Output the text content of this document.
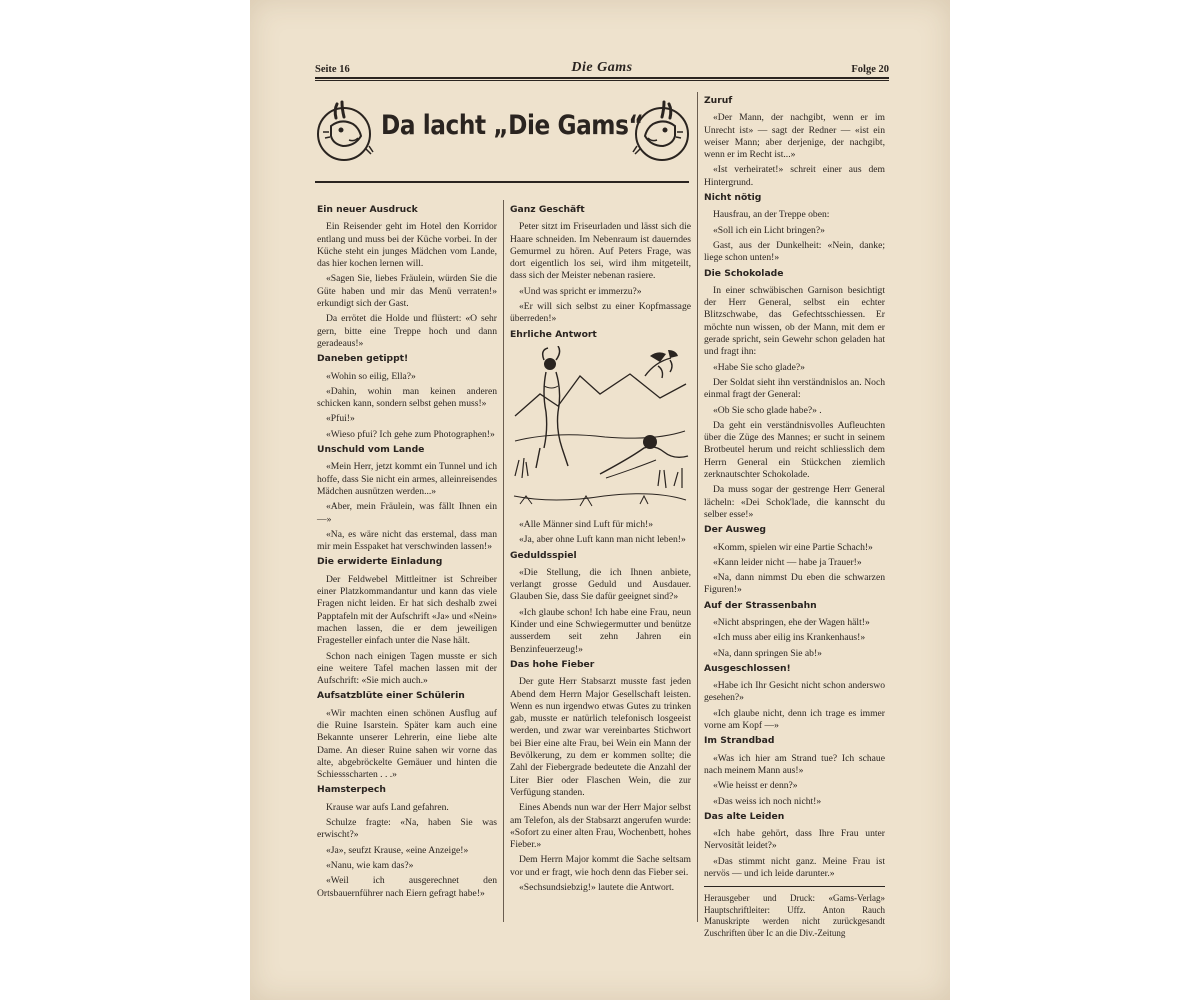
Seite 16	Die Gams	Folge 20
Da lacht „Die Gams“
Ein neuer Ausdruck

Ein Reisender geht im Hotel den Korridor entlang und muss bei der Küche vorbei. In der Küche steht ein junges Mädchen vom Lande, das hier kochen lernen will.

«Sagen Sie, liebes Fräulein, würden Sie die Güte haben und mir das Menü verraten!» erkundigt sich der Gast.

Da errötet die Holde und flüstert: «O sehr gern, bitte eine Treppe hoch und dann geradeaus!»

Daneben getippt!

«Wohin so eilig, Ella?»

«Dahin, wohin man keinen anderen schicken kann, sondern selbst gehen muss!»

«Pfui!»

«Wieso pfui? Ich gehe zum Photographen!»

Unschuld vom Lande

«Mein Herr, jetzt kommt ein Tunnel und ich hoffe, dass Sie nicht ein armes, alleinreisendes Mädchen ausnützen werden...»

«Aber, mein Fräulein, was fällt Ihnen ein —»

«Na, es wäre nicht das erstemal, dass man mir mein Esspaket hat verschwinden lassen!»

Die erwiderte Einladung

Der Feldwebel Mittleitner ist Schreiber einer Platzkommandantur und kann das viele Fragen nicht leiden. Er hat sich deshalb zwei Papptafeln mit der Aufschrift «Ja» und «Nein» machen lassen, die er dem jeweiligen Fragesteller einfach unter die Nase hält.

Schon nach einigen Tagen musste er sich eine weitere Tafel machen lassen mit der Aufschrift: «Sie mich auch.»

Aufsatzblüte einer Schülerin

«Wir machten einen schönen Ausflug auf die Ruine Isarstein. Später kam auch eine Bekannte unserer Lehrerin, eine liebe alte Dame. An dieser Ruine sahen wir vorne das alte, abgebröckelte Gemäuer und hinten die Schiessscharten . . .»

Hamsterpech

Krause war aufs Land gefahren.

Schulze fragte: «Na, haben Sie was erwischt?»

«Ja», seufzt Krause, «eine Anzeige!»

«Nanu, wie kam das?»

«Weil ich ausgerechnet den Ortsbauernführer nach Eiern gefragt habe!»

Ganz Geschäft

Peter sitzt im Friseurladen und lässt sich die Haare schneiden. Im Nebenraum ist dauerndes Gemurmel zu hören. Auf Peters Frage, was dort eigentlich los sei, wird ihm mitgeteilt, dass sich der Meister nebenan rasiere.

«Und was spricht er immerzu?»

«Er will sich selbst zu einer Kopfmassage überreden!»

Ehrliche Antwort

«Alle Männer sind Luft für mich!»

«Ja, aber ohne Luft kann man nicht leben!»

Geduldsspiel

«Die Stellung, die ich Ihnen anbiete, verlangt grosse Geduld und Ausdauer. Glauben Sie, dass Sie dafür geeignet sind?»

«Ich glaube schon! Ich habe eine Frau, neun Kinder und eine Schwiegermutter und benütze ausserdem seit zehn Jahren ein Benzinfeuerzeug!»

Das hohe Fieber

Der gute Herr Stabsarzt musste fast jeden Abend dem Herrn Major Gesellschaft leisten. Wenn es nun irgendwo etwas Gutes zu trinken gab, musste er natürlich telefonisch losgeeist werden, und zwar war vereinbartes Stichwort bei Bier eine alte Frau, bei Wein ein Mann der Bevölkerung, zu dem er kommen sollte; die Zahl der Fiebergrade bedeutete die Anzahl der Liter Bier oder Flaschen Wein, die zur Verfügung standen.

Eines Abends nun war der Herr Major selbst am Telefon, als der Stabsarzt angerufen wurde: «Sofort zu einer alten Frau, Wochenbett, hohes Fieber.»

Dem Herrn Major kommt die Sache seltsam vor und er fragt, wie hoch denn das Fieber sei.

«Sechsundsiebzig!» lautete die Antwort.

Zuruf

«Der Mann, der nachgibt, wenn er im Unrecht ist» — sagt der Redner — «ist ein weiser Mann; aber derjenige, der nachgibt, wenn er im Recht ist...»

«Ist verheiratet!» schreit einer aus dem Hintergrund.

Nicht nötig

Hausfrau, an der Treppe oben:

«Soll ich ein Licht bringen?»

Gast, aus der Dunkelheit: «Nein, danke; liege schon unten!»

Die Schokolade

In einer schwäbischen Garnison besichtigt der Herr General, selbst ein echter Blitzschwabe, das Gefechtsschiessen. Er möchte nun wissen, ob der Mann, mit dem er gerade spricht, sein Gewehr schon geladen hat und fragt ihn:

«Habe Sie scho glade?»

Der Soldat sieht ihn verständnislos an. Noch einmal fragt der General:

«Ob Sie scho glade habe?» .

Da geht ein verständnisvolles Aufleuchten über die Züge des Mannes; er sucht in seinem Brotbeutel herum und reicht schliesslich dem Herrn General ein Stückchen ziemlich zerknautschter Schokolade.

Da muss sogar der gestrenge Herr General lächeln: «Dei Schok'lade, die kannscht du selber esse!»

Der Ausweg

«Komm, spielen wir eine Partie Schach!»

«Kann leider nicht — habe ja Trauer!»

«Na, dann nimmst Du eben die schwarzen Figuren!»

Auf der Strassenbahn

«Nicht abspringen, ehe der Wagen hält!»

«Ich muss aber eilig ins Krankenhaus!»

«Na, dann springen Sie ab!»

Ausgeschlossen!

«Habe ich Ihr Gesicht nicht schon anderswo gesehen?»

«Ich glaube nicht, denn ich trage es immer vorne am Kopf —»

Im Strandbad

«Was ich hier am Strand tue? Ich schaue nach meinem Mann aus!»

«Wie heisst er denn?»

«Das weiss ich noch nicht!»

Das alte Leiden

«Ich habe gehört, dass Ihre Frau unter Nervosität leidet?»

«Das stimmt nicht ganz. Meine Frau ist nervös — und ich leide darunter.»

Herausgeber und Druck: «Gams-Verlag» Hauptschriftleiter: Uffz. Anton Rauch Manuskripte werden nicht zurückgesandt Zuschriften über Ic an die Div.-Zeitung
